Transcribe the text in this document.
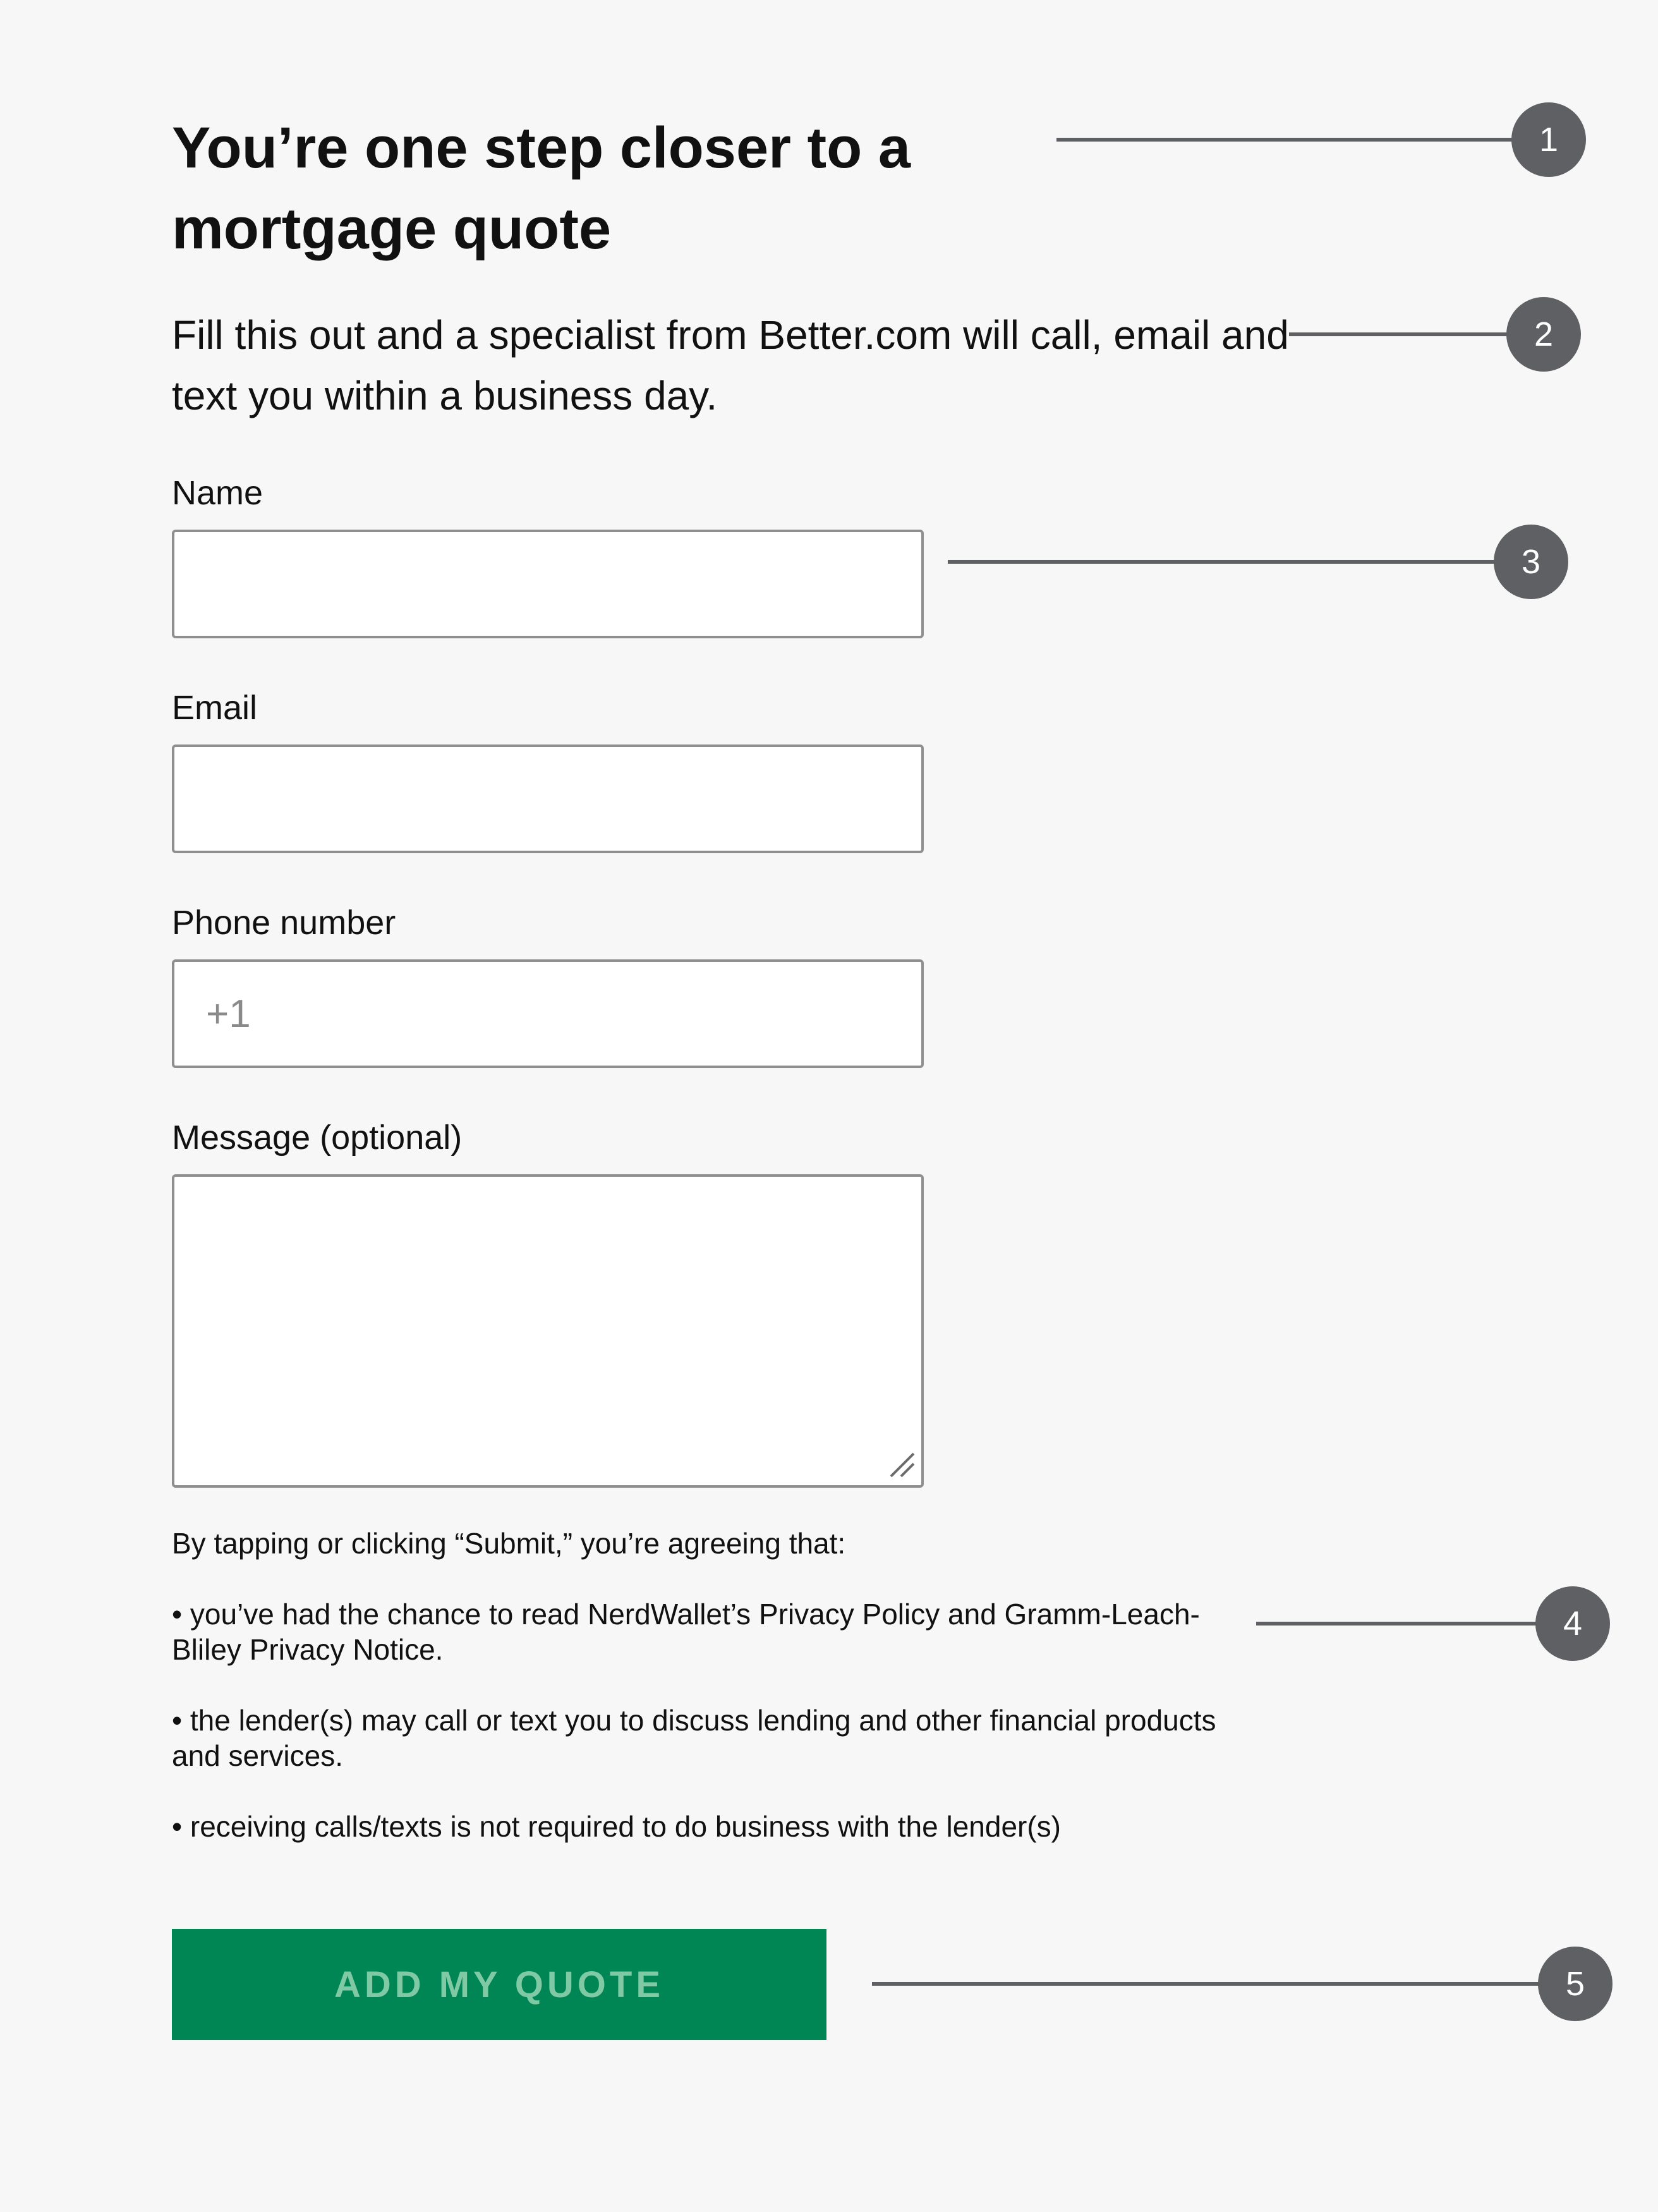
You’re one step closer to a mortgage quote

Fill this out and a specialist from Better.com will call, email and text you within a business day.

Name
Email
Phone number
+1
Message (optional)

By tapping or clicking “Submit,” you’re agreeing that:

• you’ve had the chance to read NerdWallet’s Privacy Policy and Gramm-Leach-Bliley Privacy Notice.

• the lender(s) may call or text you to discuss lending and other financial products and services.

• receiving calls/texts is not required to do business with the lender(s)

ADD MY QUOTE
1
2
3
4
5
